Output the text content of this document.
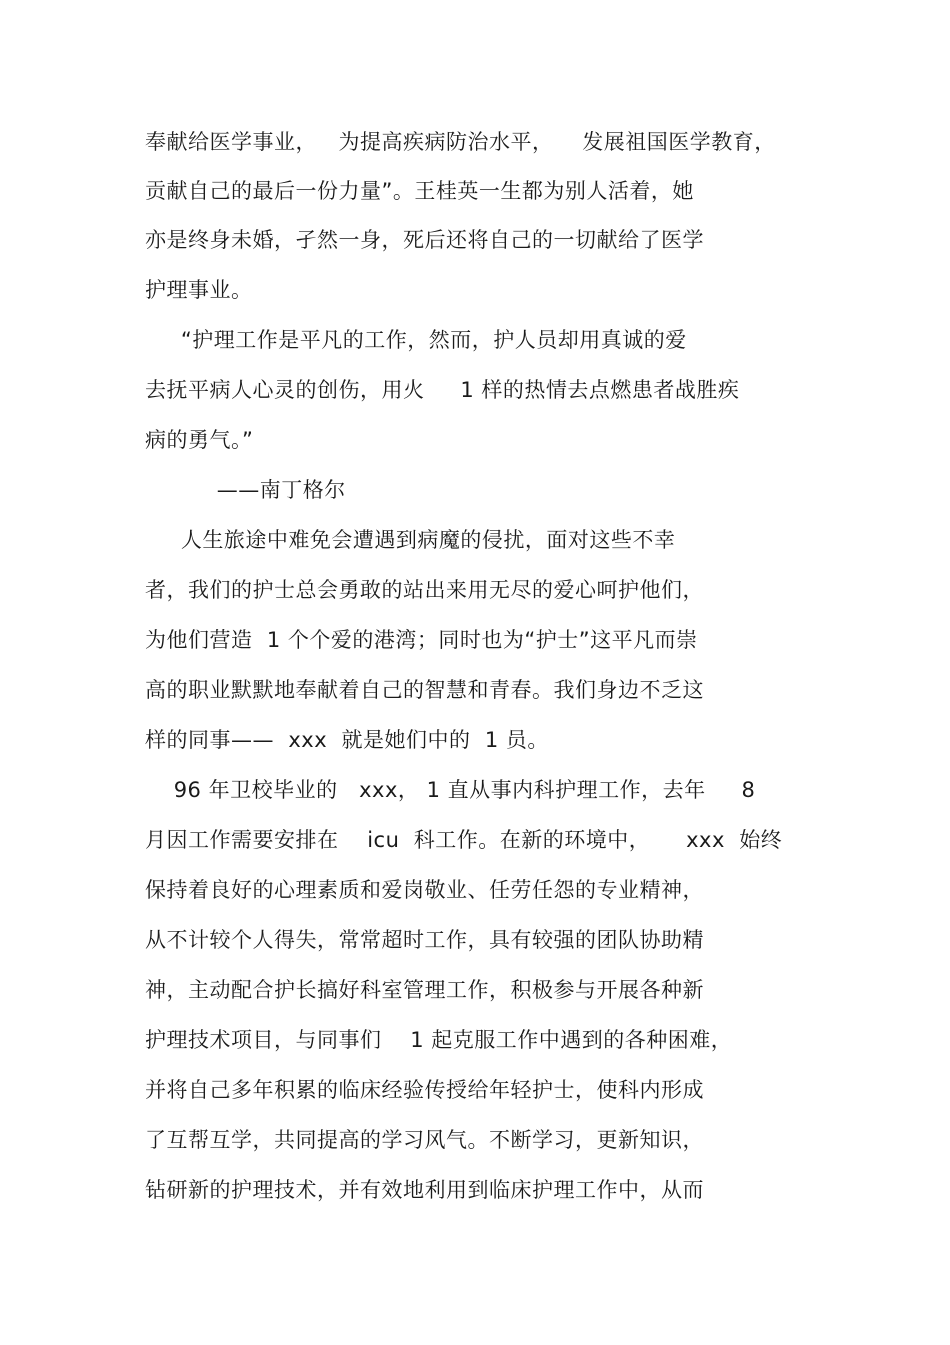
奉献给医学事业，   为提高疾病防治水平，    发展祖国医学教育，
贡献自己的最后一份力量”。王桂英一生都为别人活着，她
亦是终身未婚，孑然一身，死后还将自己的一切献给了医学
护理事业。
“护理工作是平凡的工作，然而，护人员却用真诚的爱
去抚平病人心灵的创伤，用火     1 样的热情去点燃患者战胜疾
病的勇气。”
——南丁格尔
人生旅途中难免会遭遇到病魔的侵扰，面对这些不幸
者，我们的护士总会勇敢的站出来用无尽的爱心呵护他们，
为他们营造  1 个个爱的港湾；同时也为“护士”这平凡而崇
高的职业默默地奉献着自己的智慧和青春。我们身边不乏这
样的同事——  xxx  就是她们中的  1 员。
96 年卫校毕业的   xxx， 1 直从事内科护理工作，去年     8
月因工作需要安排在    icu  科工作。在新的环境中，     xxx  始终
保持着良好的心理素质和爱岗敬业、任劳任怨的专业精神，
从不计较个人得失，常常超时工作，具有较强的团队协助精
神，主动配合护长搞好科室管理工作，积极参与开展各种新
护理技术项目，与同事们    1 起克服工作中遇到的各种困难，
并将自己多年积累的临床经验传授给年轻护士，使科内形成
了互帮互学，共同提高的学习风气。不断学习，更新知识，
钻研新的护理技术，并有效地利用到临床护理工作中，从而
